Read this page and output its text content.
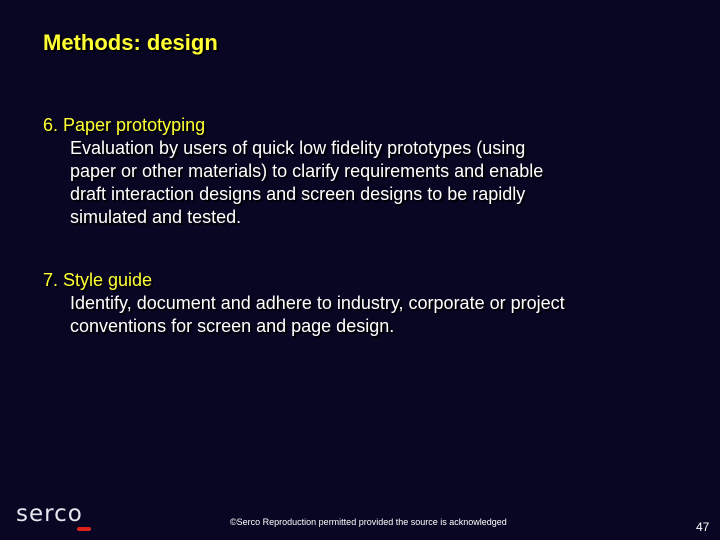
Methods: design
6. Paper prototyping
Evaluation by users of quick low fidelity prototypes (using
paper or other materials) to clarify requirements and enable
draft interaction designs and screen designs to be rapidly
simulated and tested.
7. Style guide
Identify, document and adhere to industry, corporate or project
conventions for screen and page design.
serco	©Serco Reproduction permitted provided the source is acknowledged	47
